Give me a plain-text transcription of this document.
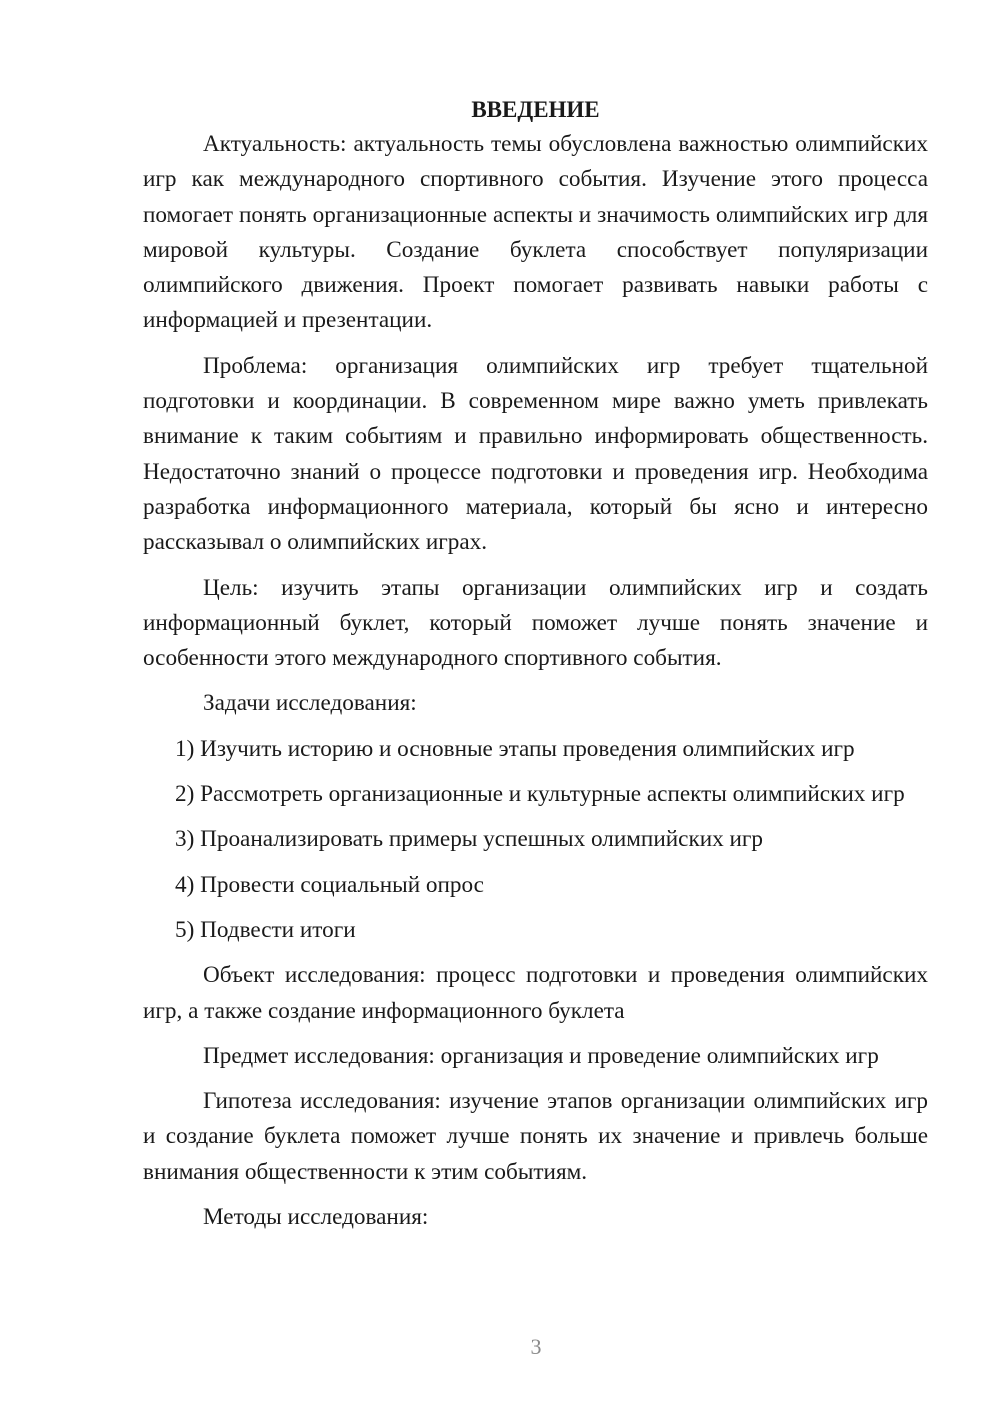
ВВЕДЕНИЕ

Актуальность: актуальность темы обусловлена важностью олимпийских игр как международного спортивного события. Изучение этого процесса помогает понять организационные аспекты и значимость олимпийских игр для мировой культуры. Создание буклета способствует популяризации олимпийского движения. Проект помогает развивать навыки работы с информацией и презентации.

Проблема: организация олимпийских игр требует тщательной подготовки и координации. В современном мире важно уметь привлекать внимание к таким событиям и правильно информировать общественность. Недостаточно знаний о процессе подготовки и проведения игр. Необходима разработка информационного материала, который бы ясно и интересно рассказывал о олимпийских играх.

Цель: изучить этапы организации олимпийских игр и создать информационный буклет, который поможет лучше понять значение и особенности этого международного спортивного события.

Задачи исследования:

1) Изучить историю и основные этапы проведения олимпийских игр

2) Рассмотреть организационные и культурные аспекты олимпийских игр

3) Проанализировать примеры успешных олимпийских игр

4) Провести социальный опрос

5) Подвести итоги

Объект исследования: процесс подготовки и проведения олимпийских игр, а также создание информационного буклета

Предмет исследования: организация и проведение олимпийских игр

Гипотеза исследования: изучение этапов организации олимпийских игр и создание буклета поможет лучше понять их значение и привлечь больше внимания общественности к этим событиям.

Методы исследования:

3
